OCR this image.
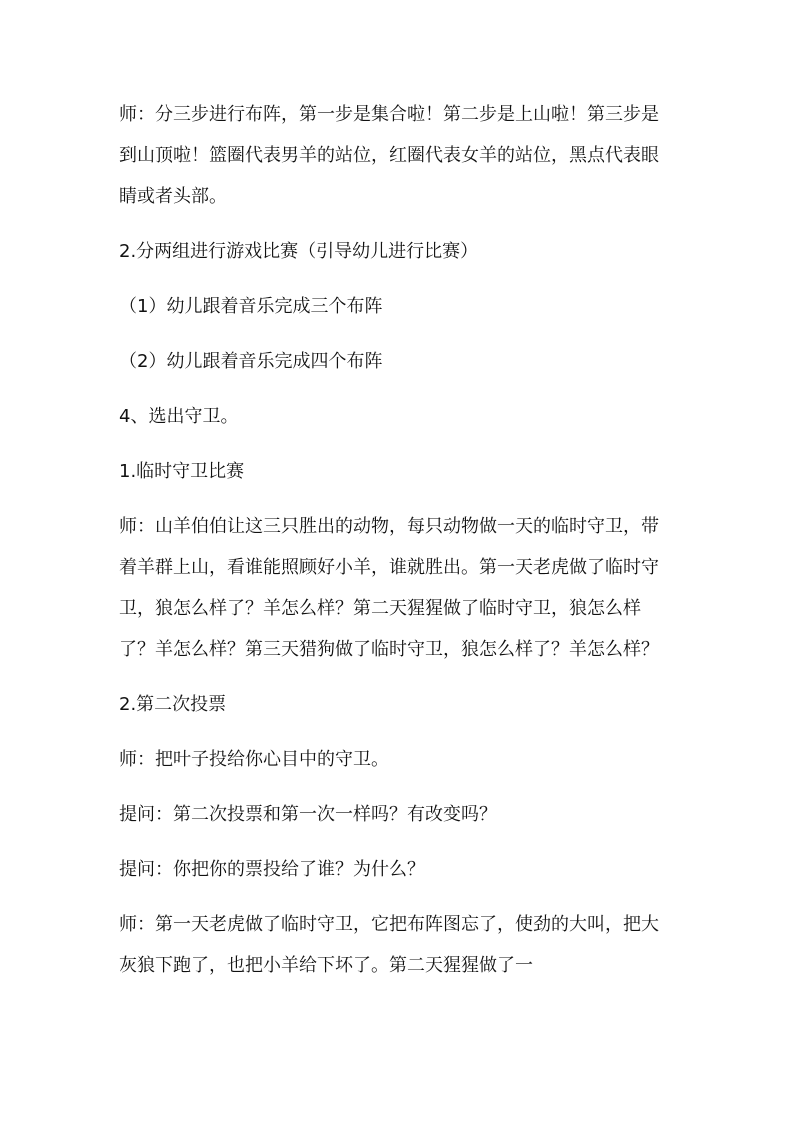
师：分三步进行布阵，第一步是集合啦！第二步是上山啦！第三步是到山顶啦！篮圈代表男羊的站位，红圈代表女羊的站位，黑点代表眼睛或者头部。

2.分两组进行游戏比赛（引导幼儿进行比赛）

（1）幼儿跟着音乐完成三个布阵

（2）幼儿跟着音乐完成四个布阵

4、选出守卫。

1.临时守卫比赛

师：山羊伯伯让这三只胜出的动物，每只动物做一天的临时守卫，带着羊群上山，看谁能照顾好小羊，谁就胜出。第一天老虎做了临时守卫，狼怎么样了？羊怎么样？第二天猩猩做了临时守卫，狼怎么样了？羊怎么样？第三天猎狗做了临时守卫，狼怎么样了？羊怎么样？

2.第二次投票

师：把叶子投给你心目中的守卫。

提问：第二次投票和第一次一样吗？有改变吗？

提问：你把你的票投给了谁？为什么？

师：第一天老虎做了临时守卫，它把布阵图忘了，使劲的大叫，把大灰狼下跑了，也把小羊给下坏了。第二天猩猩做了一
